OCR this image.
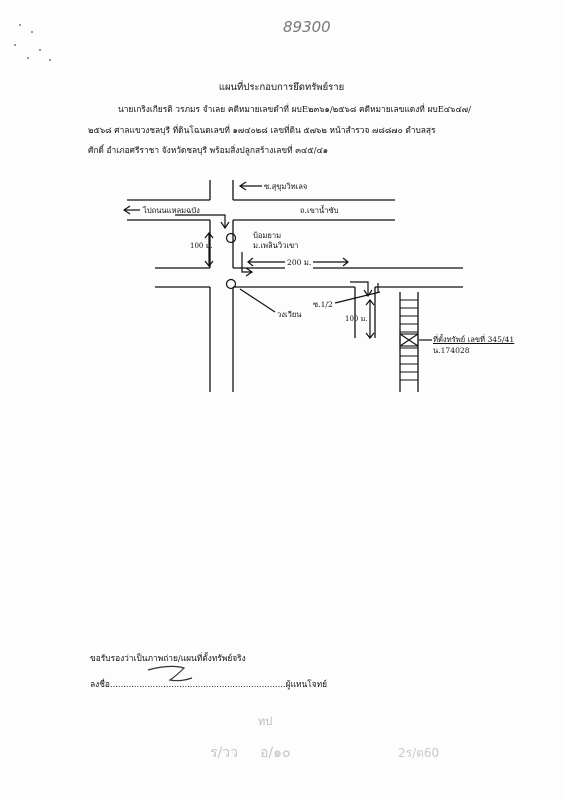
89300
แผนที่ประกอบการยึดทรัพย์ราย
นายเกริงเกียรติ วรภมร จำเลย คดีหมายเลขดำที่ ผบE๒๓๖๑/๒๕๖๘ คดีหมายเลขแดงที่ ผบE๔๖๔๗/
๒๕๖๘ ศาลแขวงชลบุรี ที่ดินโฉนดเลขที่ ๑๗๔๐๒๘ เลขที่ดิน ๕๗๖๒ หน้าสำรวจ ๗๘๘๗๐ ตำบลสุร
ศักดิ์ อำเภอศรีราชา จังหวัดชลบุรี พร้อมสิ่งปลูกสร้างเลขที่ ๓๔๕/๔๑
ซ.สุขุมวิทเลจ
ไปถนนแหลมฉบัง	ถ.เขาน้ำซับ
100 ม.
ป้อมยาม
ม.เพลินวิวเขา
200 ม.
วงเวียน
ซ.1/2
100 ม.
ที่ตั้งทรัพย์ เลขที่ 345/41
น.174028
ขอรับรองว่าเป็นภาพถ่าย/แผนที่ตั้งทรัพย์จริง
ลงชื่อ..................................................................ผู้แทนโจทย์
ทป
ร/วว อ/๑๐	2ร/ต60
